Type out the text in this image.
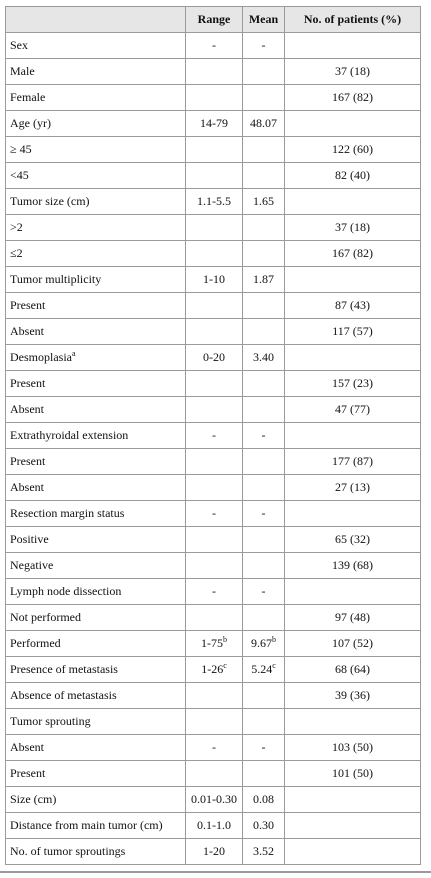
	Range	Mean	No. of patients (%)
Sex	-	-	
Male			37 (18)
Female			167 (82)
Age (yr)	14-79	48.07	
≥ 45			122 (60)
<45			82 (40)
Tumor size (cm)	1.1-5.5	1.65	
>2			37 (18)
≤2			167 (82)
Tumor multiplicity	1-10	1.87	
Present			87 (43)
Absent			117 (57)
Desmoplasia$^a$	0-20	3.40	
Present			157 (23)
Absent			47 (77)
Extrathyroidal extension	-	-	
Present			177 (87)
Absent			27 (13)
Resection margin status	-	-	
Positive			65 (32)
Negative			139 (68)
Lymph node dissection	-	-	
Not performed			97 (48)
Performed	1-75$^b$	9.67$^b$	107 (52)
Presence of metastasis	1-26$^c$	5.24$^c$	68 (64)
Absence of metastasis			39 (36)
Tumor sprouting			
Absent	-	-	103 (50)
Present			101 (50)
Size (cm)	0.01-0.30	0.08	
Distance from main tumor (cm)	0.1-1.0	0.30	
No. of tumor sproutings	1-20	3.52	
